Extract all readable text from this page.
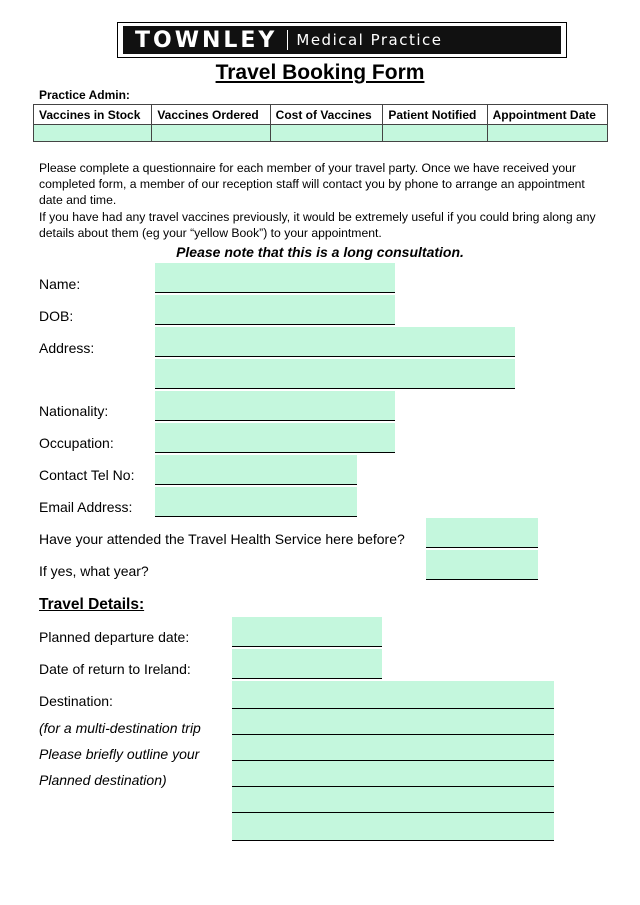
TOWNLEY Medical Practice
Travel Booking Form
Practice Admin:
Vaccines in Stock	Vaccines Ordered	Cost of Vaccines	Patient Notified	Appointment Date

Please complete a questionnaire for each member of your travel party. Once we have received your completed form, a member of our reception staff will contact you by phone to arrange an appointment date and time.
If you have had any travel vaccines previously, it would be extremely useful if you could bring along any details about them (eg your “yellow Book”) to your appointment.
Please note that this is a long consultation.
Name:
DOB:
Address:
Nationality:
Occupation:
Contact Tel No:
Email Address:
Have your attended the Travel Health Service here before?
If yes, what year?
Travel Details:
Planned departure date:
Date of return to Ireland:
Destination:
(for a multi-destination trip
Please briefly outline your
Planned destination)
